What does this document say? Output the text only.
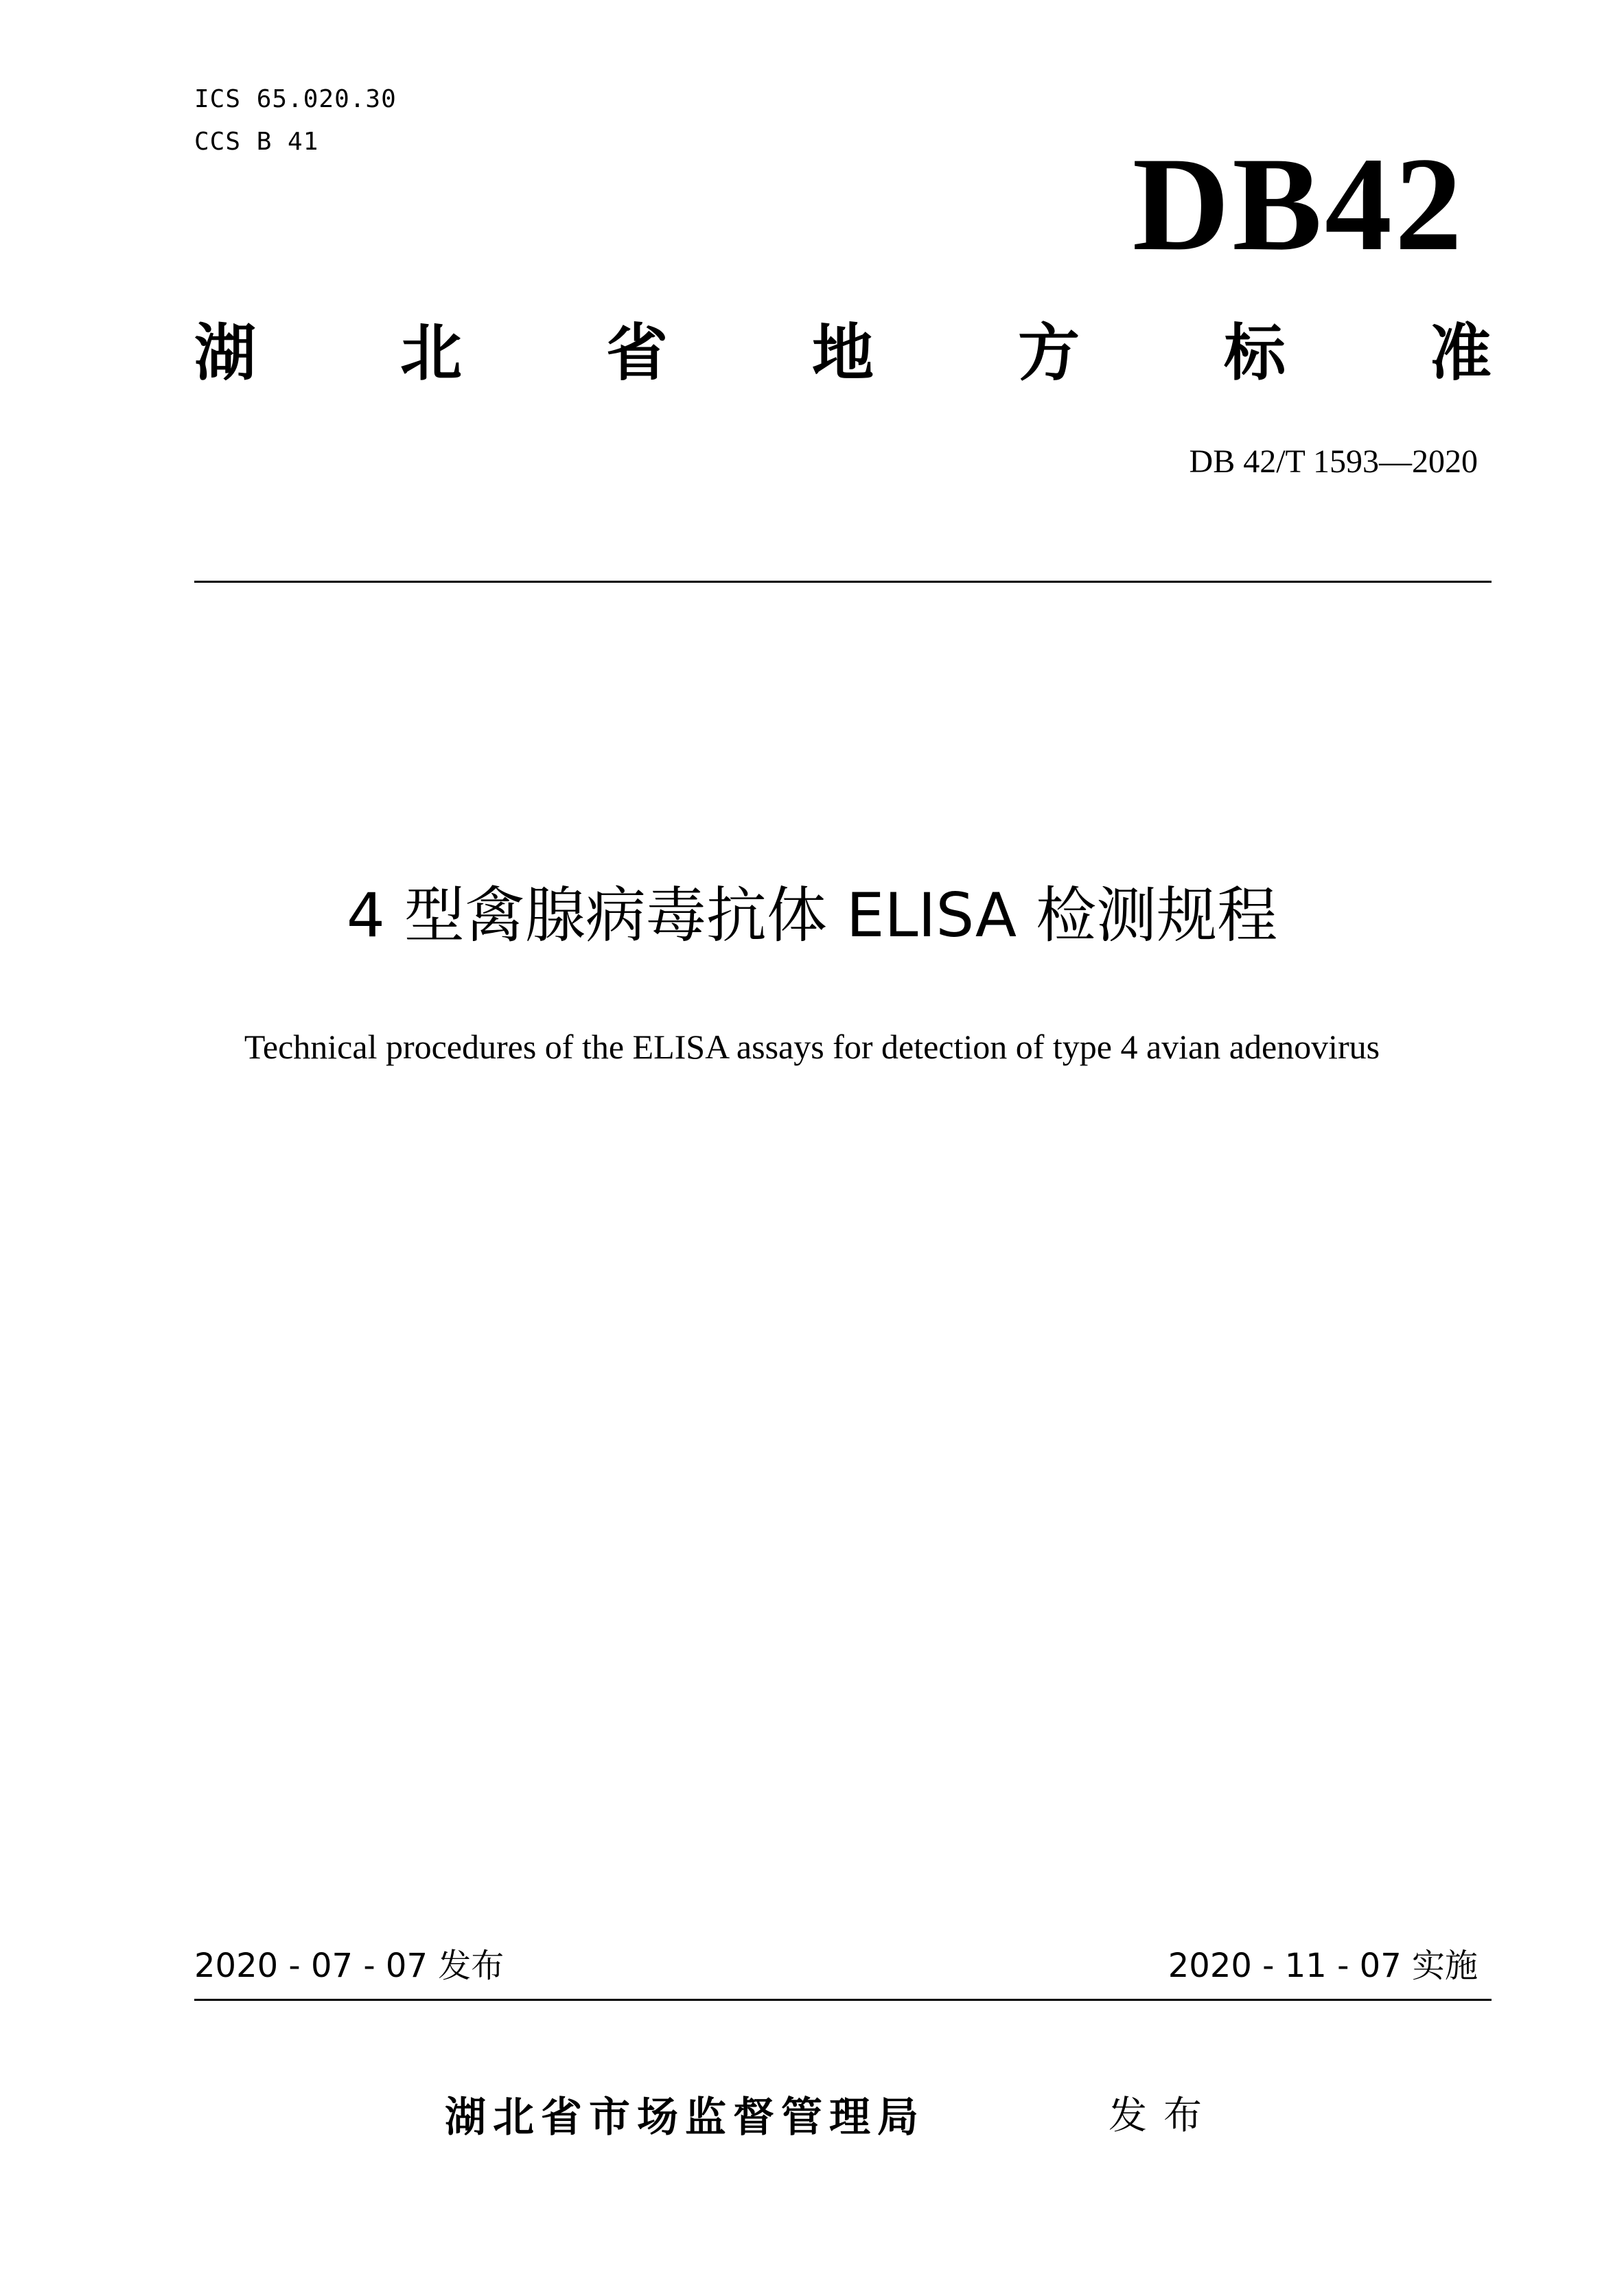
ICS 65.020.30
CCS B 41	DB42
湖 北 省 地 方 标 准
DB 42/T 1593—2020
4 型禽腺病毒抗体 ELISA 检测规程
Technical procedures of the ELISA assays for detection of type 4 avian adenovirus
2020 - 07 - 07 发布	2020 - 11 - 07 实施
湖北省市场监督管理局	发布
